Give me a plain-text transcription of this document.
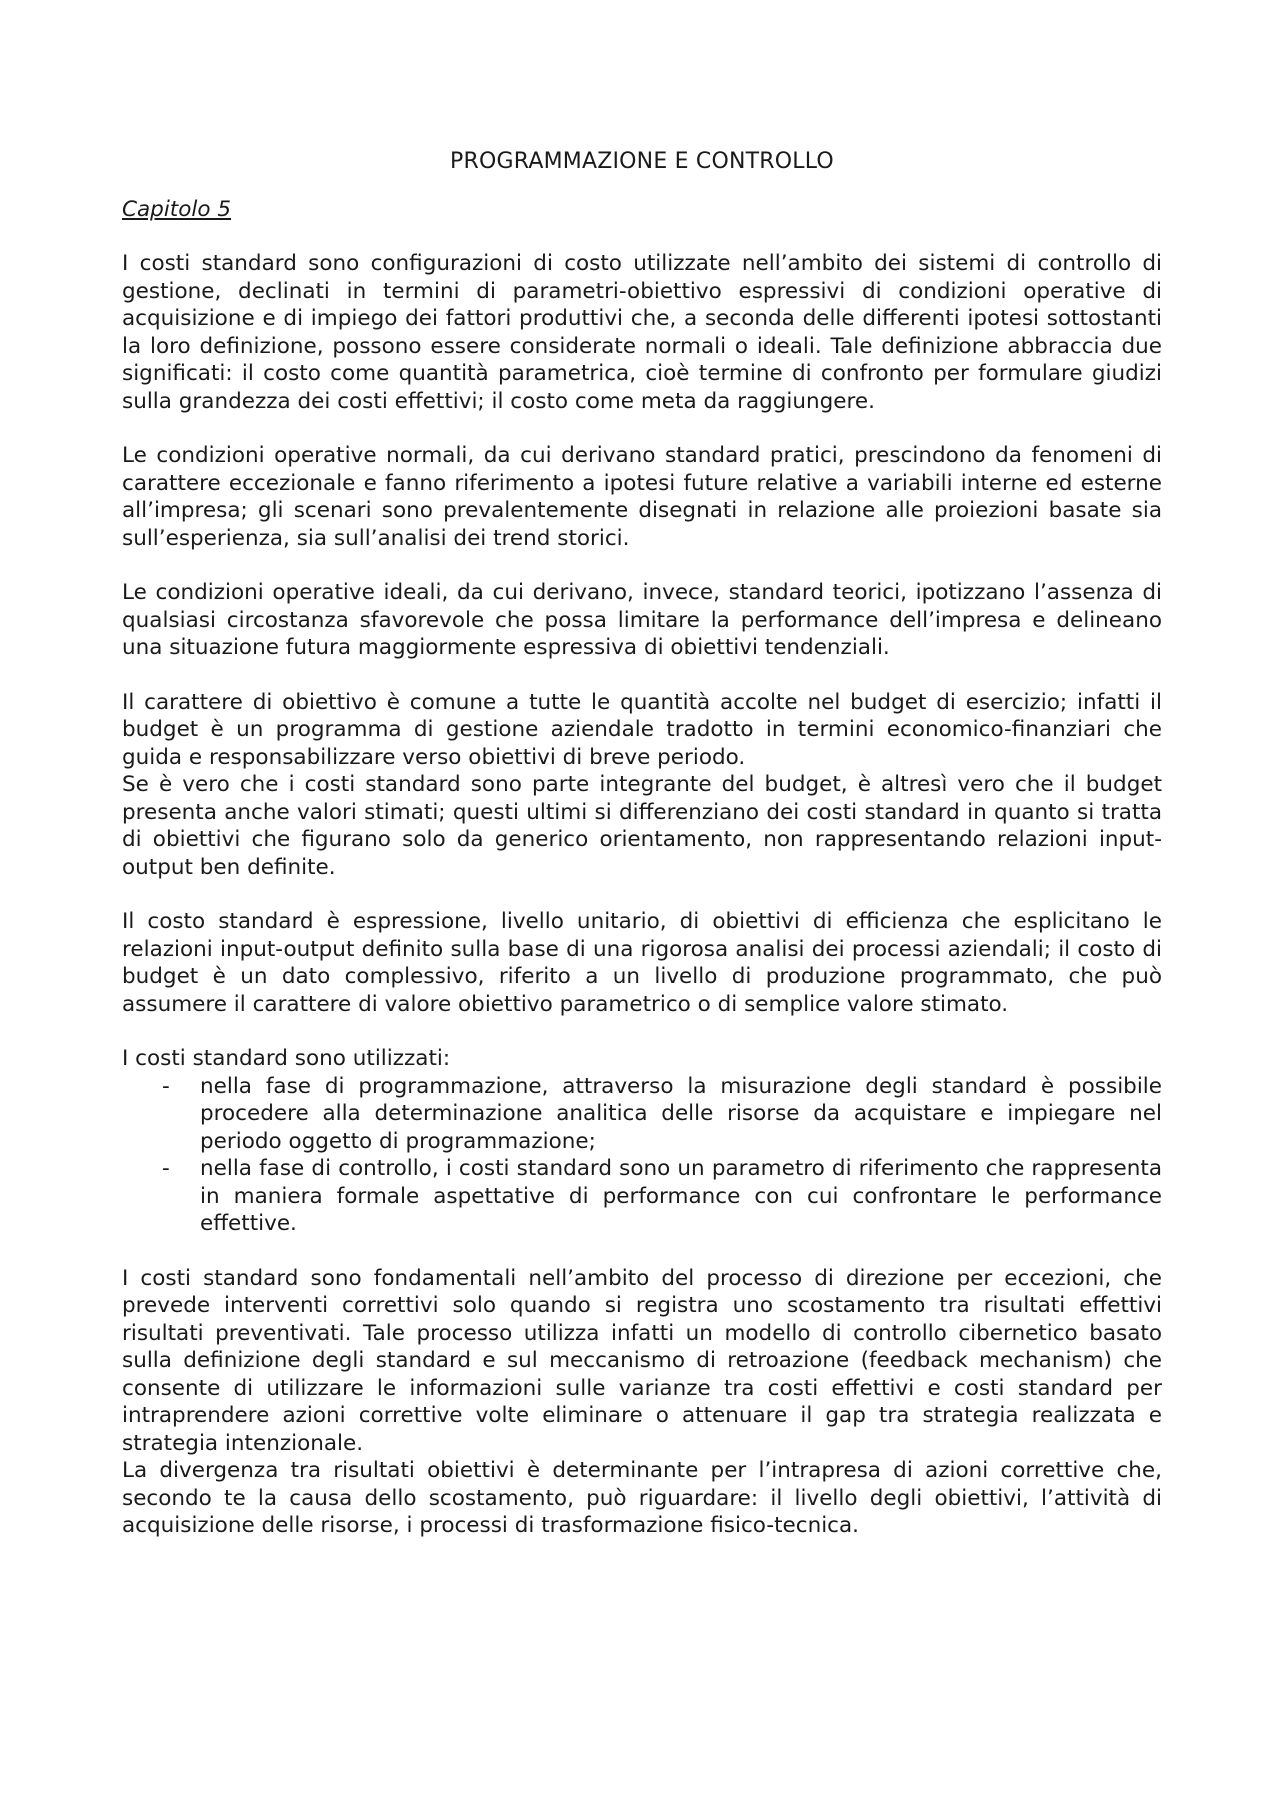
PROGRAMMAZIONE E CONTROLLO
Capitolo 5

I costi standard sono configurazioni di costo utilizzate nell’ambito dei sistemi di controllo di gestione, declinati in termini di parametri-obiettivo espressivi di condizioni operative di acquisizione e di impiego dei fattori produttivi che, a seconda delle differenti ipotesi sottostanti la loro definizione, possono essere considerate normali o ideali. Tale definizione abbraccia due significati: il costo come quantità parametrica, cioè termine di confronto per formulare giudizi sulla grandezza dei costi effettivi; il costo come meta da raggiungere.

Le condizioni operative normali, da cui derivano standard pratici, prescindono da fenomeni di carattere eccezionale e fanno riferimento a ipotesi future relative a variabili interne ed esterne all’impresa; gli scenari sono prevalentemente disegnati in relazione alle proiezioni basate sia sull’esperienza, sia sull’analisi dei trend storici.

Le condizioni operative ideali, da cui derivano, invece, standard teorici, ipotizzano l’assenza di qualsiasi circostanza sfavorevole che possa limitare la performance dell’impresa e delineano una situazione futura maggiormente espressiva di obiettivi tendenziali.

Il carattere di obiettivo è comune a tutte le quantità accolte nel budget di esercizio; infatti il budget è un programma di gestione aziendale tradotto in termini economico-finanziari che guida e responsabilizzare verso obiettivi di breve periodo.

Se è vero che i costi standard sono parte integrante del budget, è altresì vero che il budget presenta anche valori stimati; questi ultimi si differenziano dei costi standard in quanto si tratta di obiettivi che figurano solo da generico orientamento, non rappresentando relazioni input-output ben definite.

Il costo standard è espressione, livello unitario, di obiettivi di efficienza che esplicitano le relazioni input-output definito sulla base di una rigorosa analisi dei processi aziendali; il costo di budget è un dato complessivo, riferito a un livello di produzione programmato, che può assumere il carattere di valore obiettivo parametrico o di semplice valore stimato.

I costi standard sono utilizzati:

- nella fase di programmazione, attraverso la misurazione degli standard è possibile procedere alla determinazione analitica delle risorse da acquistare e impiegare nel periodo oggetto di programmazione;
- nella fase di controllo, i costi standard sono un parametro di riferimento che rappresenta in maniera formale aspettative di performance con cui confrontare le performance effettive.

I costi standard sono fondamentali nell’ambito del processo di direzione per eccezioni, che prevede interventi correttivi solo quando si registra uno scostamento tra risultati effettivi risultati preventivati. Tale processo utilizza infatti un modello di controllo cibernetico basato sulla definizione degli standard e sul meccanismo di retroazione (feedback mechanism) che consente di utilizzare le informazioni sulle varianze tra costi effettivi e costi standard per intraprendere azioni correttive volte eliminare o attenuare il gap tra strategia realizzata e strategia intenzionale.

La divergenza tra risultati obiettivi è determinante per l’intrapresa di azioni correttive che, secondo te la causa dello scostamento, può riguardare: il livello degli obiettivi, l’attività di acquisizione delle risorse, i processi di trasformazione fisico-tecnica.
